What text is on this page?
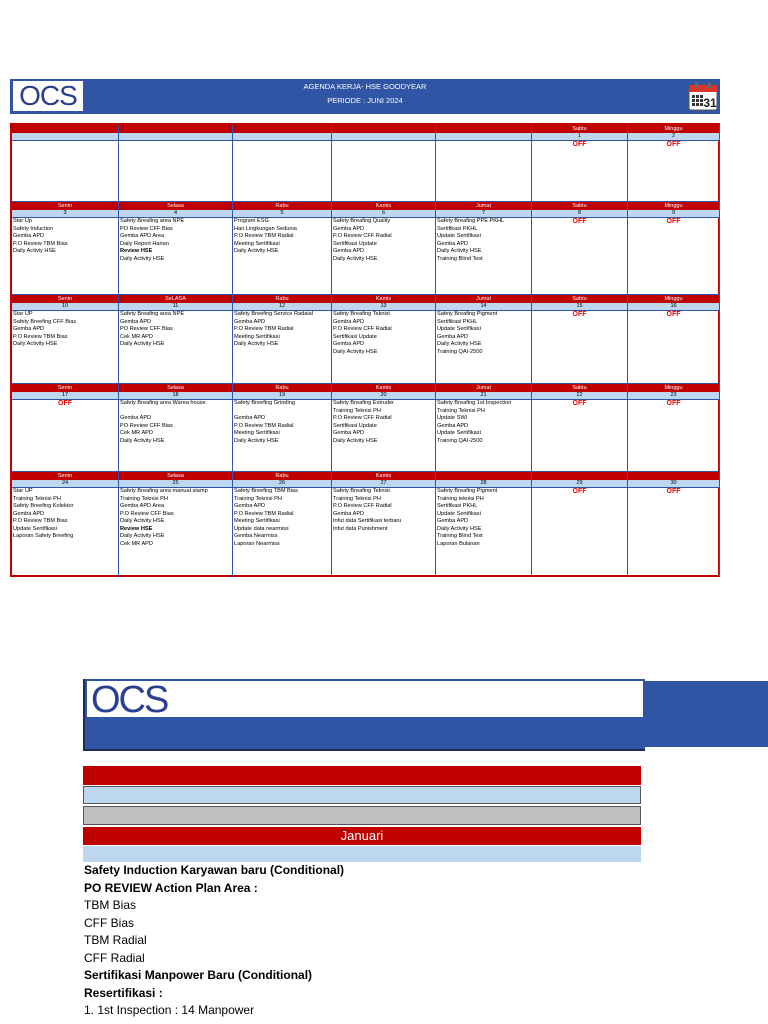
OCS	AGENDA KERJA- HSE GOODYEAR
PERIODE : JUNI 2024	31
Sabtu
1
OFF
Minggu
2
OFF
Senin
3
Star Up
Safety Induction
Gemba APD
P.O Review TBM Bias
Daily Activiy HSE
Selasa
4
Safety Breafing area NPE
PO Review CFF Bias
Gemba APD Area
Daily Report Harian
Review HSE
Daily Activity HSE
Rabu
5
Program ESG
Hari Lingkungan Sedunia
P.O Review TBM Radial
Meeting Sertifikasi
Daily Activity HSE
Kamis
6
Safety Breafing Quality
Gemba APD
P.O Review CFF Radial
Sertifikasi Update
Gemba APD
Daily Activity HSE
Jumat
7
Safety Breafing PPE PKHL
Sertifikasi PKHL
Update Sertifikasi
Gemba APD
Daily Activity HSE
Training Blind Test
Sabtu
8
OFF
Minggu
9
OFF
Senin
10
Star UP
Safety Breefing CFF Bias
Gemba APD
P.O Review TBM Bias
Daily Activity HSE
SeLASA
11
Safety Breafing area NPE
Gemba APD
PO Review CFF Bias
Cek MR APD
Daily Activity HSE
Rabu
12
Safety Breefing Service Radaial
Gemba APD
P.O Review TBM Radial
Meeting Sertifikasi
Daily Activity HSE
Kamis
13
Safety Breafing Teknisi
Gemba APD
P.O Review CFF Radial
Sertifikasi Update
Gemba APD
Daily Activity HSE
Jumat
14
Safety Breafing Pigment
Sertifikasi PKHL
Update Sertifikasi
Gemba APD
Daily Activity HSE
Training QAI-2500
Sabtu
15
OFF
Minggu
16
OFF
Senin
17
OFF
Selasa
18
Safety Breafing area Warea house

Gemba APD
PO Review CFF Bias
Cek MR APD
Daily Activity HSE
Rabu
19
Safety Breefing Grinding

Gemba APD
P.O Review TBM Radial
Meeting Sertifikasi
Daily Activity HSE
Kamis
20
Safety Breafing Extruder
Training Teknisi PH
P.O Review CFF Radial
Sertifikasi Update
Gemba APD
Daily Activity HSE
Jumat
21
Safety Breafing 1st Inspection
Training Teknisi PH
Update SWI
Gemba APD
Update Sertifikasi
Training QAI-2500
Sabtu
22
OFF
Minggu
23
OFF
Senin
24
Star UP
Training Teknisi PH
Safety Breefing Kolektor
Gemba APD
P.O Review TBM Bias
Update Sertifikasi
Laporan Safety Breefing
Selasa
25
Safety Breafing area manual stamp
Training Teknisi PH
Gemba APD Area
P.O Review CFF Bias
Daily Activity HSE
Review HSE
Daily Activity HSE
Cek MR APD
Rabu
26
Safety Breefing TBM Bias
Training Teknisi PH
Gemba APD
P.O Review TBM Radial
Meeting Sertifikasi
Update data nearmiss
Gemba Nearmiss
Laporan Nearmiss
Kamis
27
Safety Breafing Teknisi
Training Teknisi PH
P.O Review CFF Radial
Gemba APD
Infut data Sertifikasi terbaru
Infut data Punishment
28
Safety Breafing Pigment
Training teknisi PH
Sertifikasi PKHL
Update Sertifikasi
Gemba APD
Daily Activity HSE
Training Blind Test
Laporan Bulanan
29
OFF
30
OFF
OCS
Januari
Safety Induction Karyawan baru (Conditional)
PO REVIEW Action Plan Area :
TBM Bias
CFF Bias
TBM Radial
CFF Radial
Sertifikasi Manpower Baru (Conditional)
Resertifikasi :
1. 1st Inspection : 14 Manpower
